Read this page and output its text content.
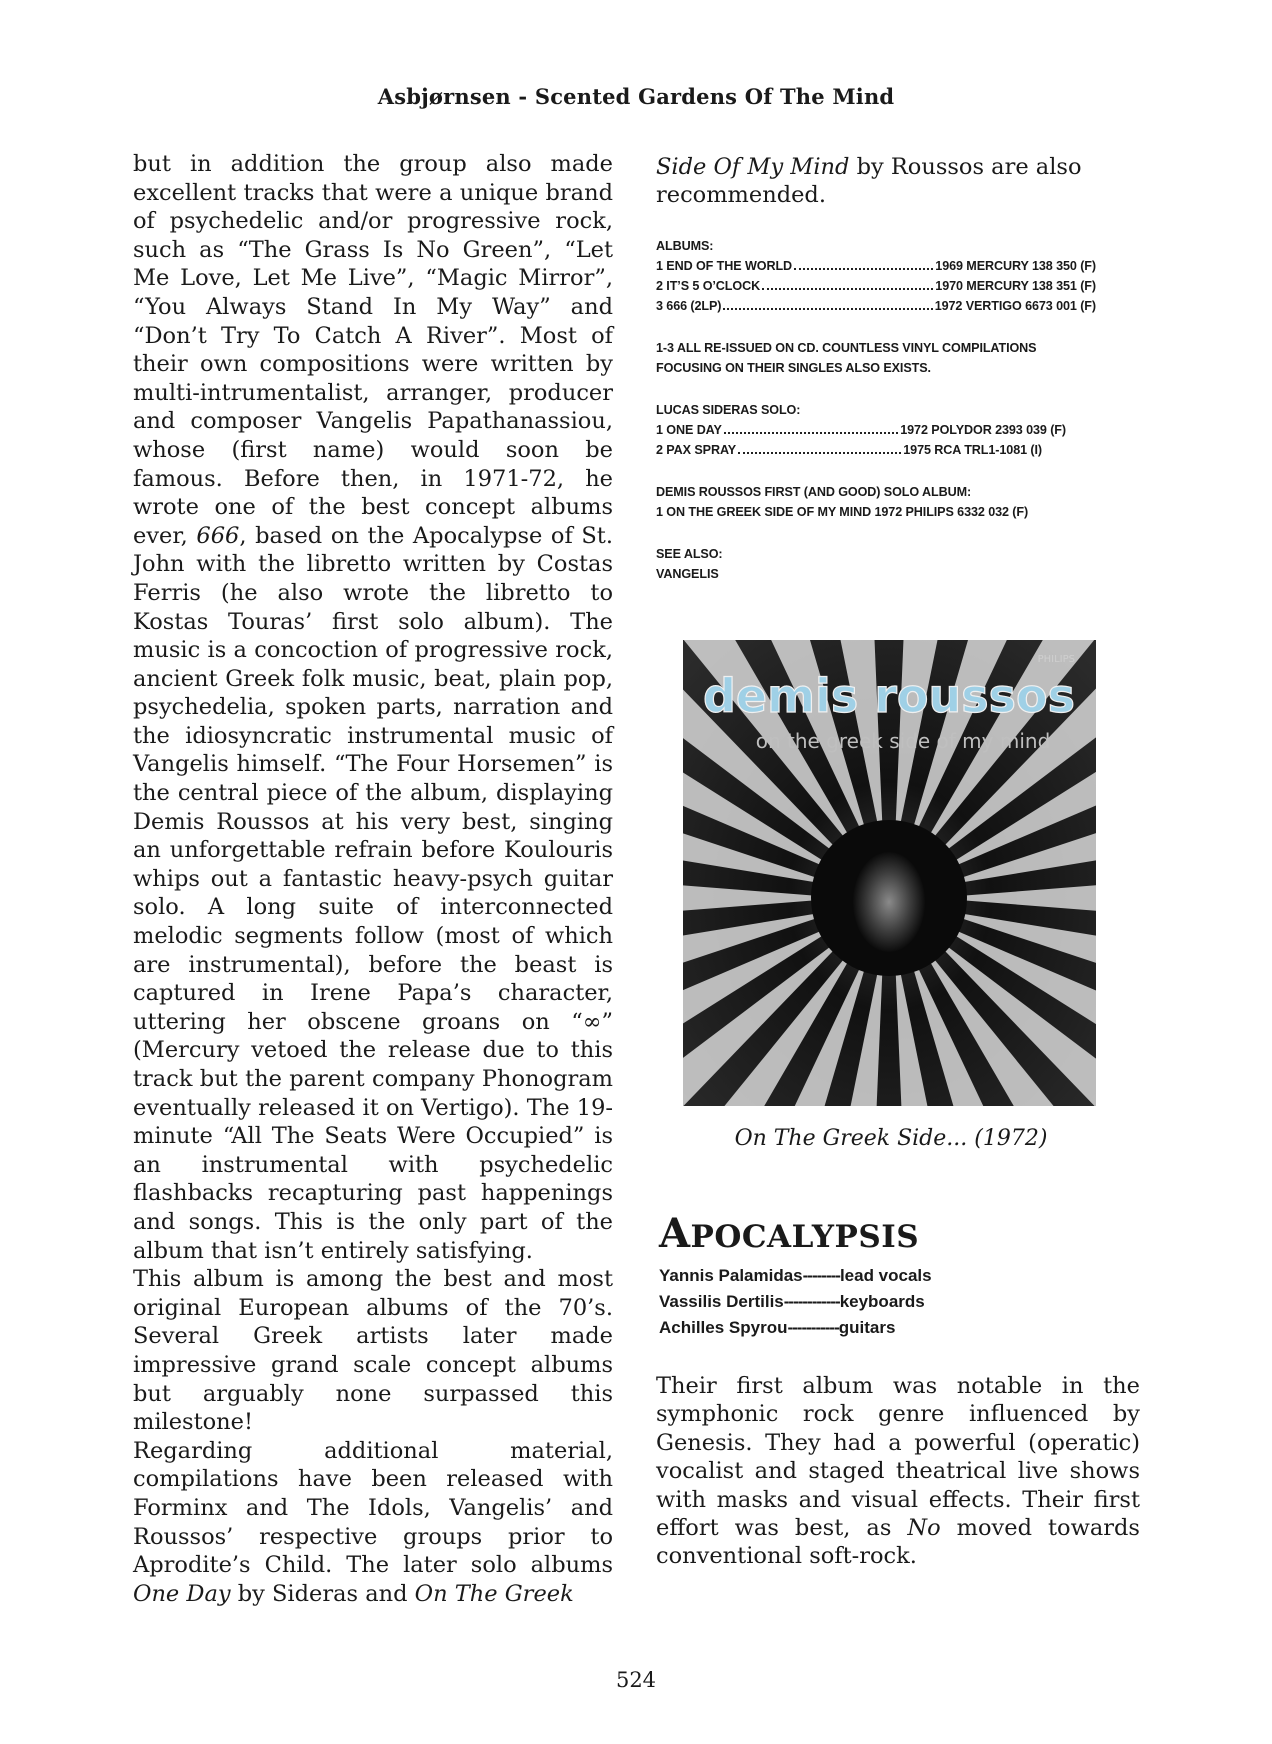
Asbjørnsen - Scented Gardens Of The Mind

but in addition the group also made excellent tracks that were a unique brand of psychedelic and/or progressive rock, such as “The Grass Is No Green”, “Let Me Love, Let Me Live”, “Magic Mirror”, “You Always Stand In My Way” and “Don’t Try To Catch A River”. Most of their own compositions were written by multi-intrumentalist, arranger, producer and composer Vangelis Papathanassiou, whose (first name) would soon be famous. Before then, in 1971-72, he wrote one of the best concept albums ever, 666, based on the Apocalypse of St. John with the libretto written by Costas Ferris (he also wrote the libretto to Kostas Touras’ first solo album). The music is a concoction of progressive rock, ancient Greek folk music, beat, plain pop, psychedelia, spoken parts, narration and the idiosyncratic instrumental music of Vangelis himself. “The Four Horsemen” is the central piece of the album, displaying Demis Roussos at his very best, singing an unforgettable refrain before Koulouris whips out a fantastic heavy-psych guitar solo. A long suite of interconnected melodic segments follow (most of which are instrumental), before the beast is captured in Irene Papa’s character, uttering her obscene groans on “∞” (Mercury vetoed the release due to this track but the parent company Phonogram eventually released it on Vertigo). The 19-minute “All The Seats Were Occupied” is an instrumental with psychedelic flashbacks recapturing past happenings and songs. This is the only part of the album that isn’t entirely satisfying.

This album is among the best and most original European albums of the 70’s. Several Greek artists later made impressive grand scale concept albums but arguably none surpassed this milestone!

Regarding additional material, compilations have been released with Forminx and The Idols, Vangelis’ and Roussos’ respective groups prior to Aprodite’s Child. The later solo albums One Day by Sideras and On The Greek

Side Of My Mind by Roussos are also recommended.

ALBUMS:
1 END OF THE WORLD	1969 MERCURY 138 350 (F)
2 IT’S 5 O’CLOCK	1970 MERCURY 138 351 (F)
3 666 (2LP)	1972 VERTIGO 6673 001 (F)
1-3 ALL RE-ISSUED ON CD. COUNTLESS VINYL COMPILATIONS
FOCUSING ON THEIR SINGLES ALSO EXISTS.
LUCAS SIDERAS SOLO:
1 ONE DAY	1972 POLYDOR 2393 039 (F)
2 PAX SPRAY	1975 RCA TRL1-1081 (I)
DEMIS ROUSSOS FIRST (AND GOOD) SOLO ALBUM:
1 ON THE GREEK SIDE OF MY MIND 1972 PHILIPS 6332 032 (F)
SEE ALSO:
VANGELIS
demis roussos
on the greek side of my mind
PHILIPS
On The Greek Side... (1972)
APOCALYPSIS
Yannis Palamidas -------- lead vocals
Vassilis Dertilis ------------ keyboards
Achilles Spyrou ----------- guitars

Their first album was notable in the symphonic rock genre influenced by Genesis. They had a powerful (operatic) vocalist and staged theatrical live shows with masks and visual effects. Their first effort was best, as No moved towards conventional soft-rock.

524
